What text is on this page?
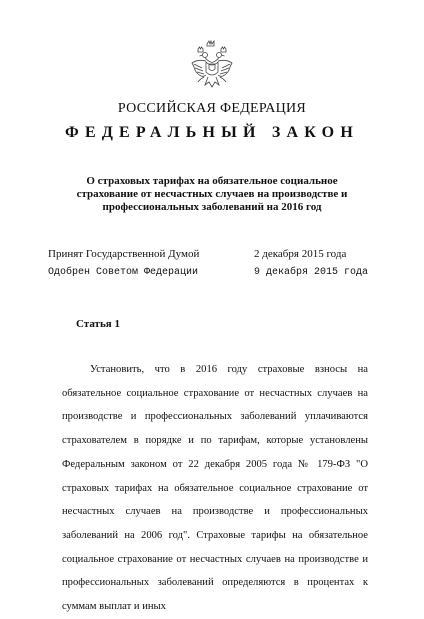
РОССИЙСКАЯ ФЕДЕРАЦИЯ
ФЕДЕРАЛЬНЫЙ ЗАКОН
О страховых тарифах на обязательное социальное страхование от несчастных случаев на производстве и профессиональных заболеваний на 2016 год
Принят Государственной Думой	2 декабря 2015 года
Одобрен Советом Федерации	9 декабря 2015 года
Статья 1

Установить, что в 2016 году страховые взносы на обязательное социальное страхование от несчастных случаев на производстве и профессиональных заболеваний уплачиваются страхователем в порядке и по тарифам, которые установлены Федеральным законом от 22 декабря 2005 года № 179-ФЗ "О страховых тарифах на обязательное социальное страхование от несчастных случаев на производстве и профессиональных заболеваний на 2006 год". Страховые тарифы на обязательное социальное страхование от несчастных случаев на производстве и профессиональных заболеваний определяются в процентах к суммам выплат и иных
